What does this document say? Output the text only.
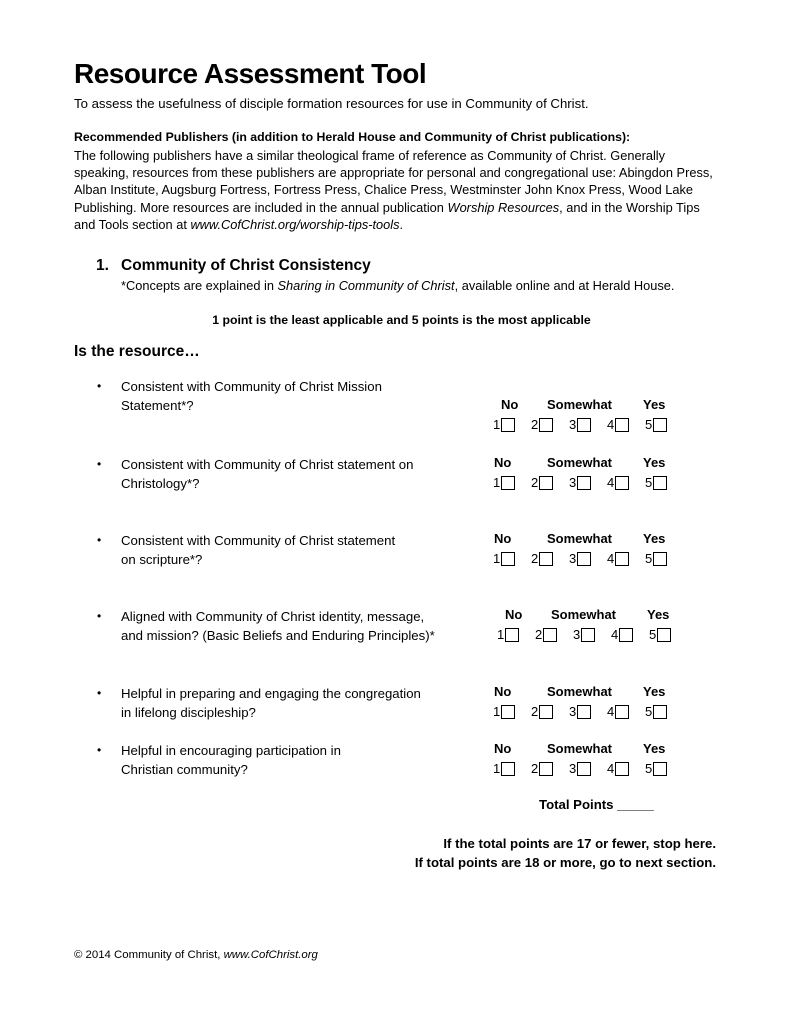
Resource Assessment Tool
To assess the usefulness of disciple formation resources for use in Community of Christ.
Recommended Publishers (in addition to Herald House and Community of Christ publications):
The following publishers have a similar theological frame of reference as Community of Christ. Generally speaking, resources from these publishers are appropriate for personal and congregational use: Abingdon Press, Alban Institute, Augsburg Fortress, Fortress Press, Chalice Press, Westminster John Knox Press, Wood Lake Publishing. More resources are included in the annual publication Worship Resources, and in the Worship Tips and Tools section at www.CofChrist.org/worship-tips-tools.
1. Community of Christ Consistency
*Concepts are explained in Sharing in Community of Christ, available online and at Herald House.
1 point is the least applicable and 5 points is the most applicable
Is the resource…
• Consistent with Community of Christ Mission
Statement*?	No Somewhat Yes
1 2 3 4 5
• Consistent with Community of Christ statement on
Christology*?
No	Somewhat Yes
1 2 3 4 5
• Consistent with Community of Christ statement
on scripture*?
No	Somewhat Yes
1 2 3 4 5
• Aligned with Community of Christ identity, message,
and mission? (Basic Beliefs and Enduring Principles)*
No Somewhat Yes
1 2 3 4 5
• Helpful in preparing and engaging the congregation
in lifelong discipleship?
No	Somewhat Yes
1 2 3 4 5
• Helpful in encouraging participation in
Christian community?
No	Somewhat Yes
1 2 3 4 5
Total Points _____
If the total points are 17 or fewer, stop here.
If total points are 18 or more, go to next section.
© 2014 Community of Christ, www.CofChrist.org
